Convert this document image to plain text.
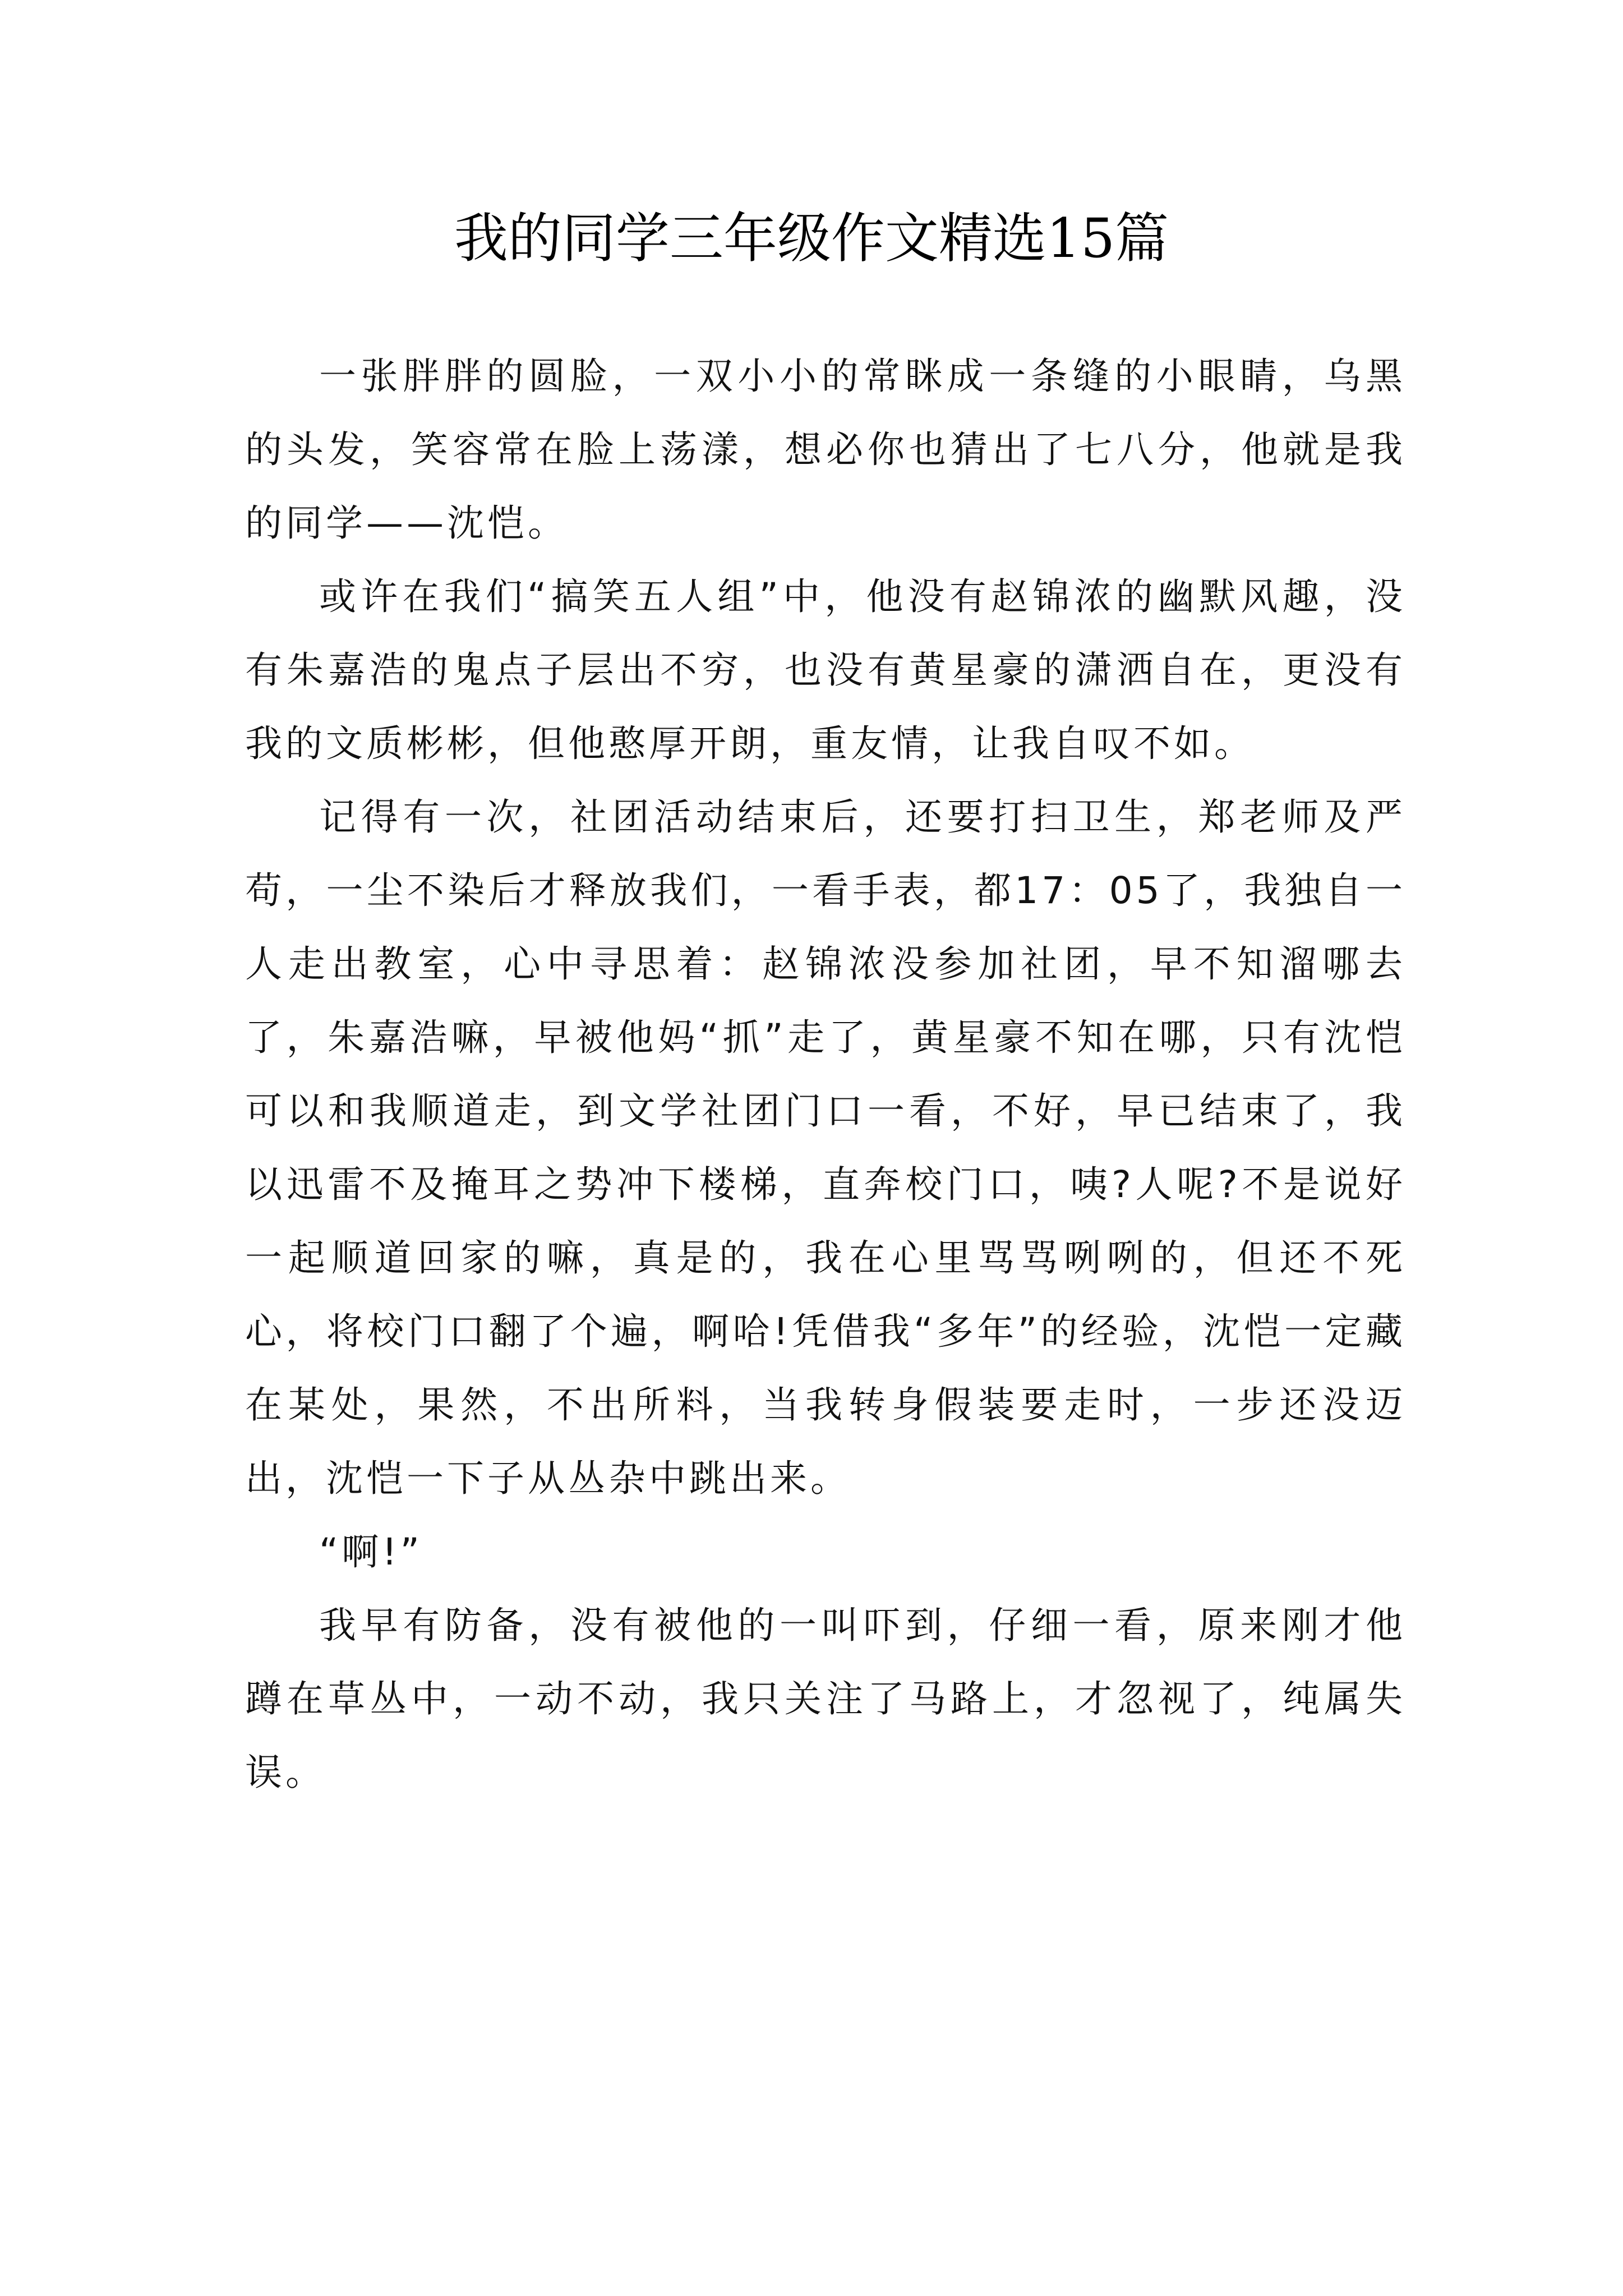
我的同学三年级作文精选15篇

一张胖胖的圆脸，一双小小的常眯成一条缝的小眼睛，乌黑的头发，笑容常在脸上荡漾，想必你也猜出了七八分，他就是我的同学——沈恺。

或许在我们“搞笑五人组”中，他没有赵锦浓的幽默风趣，没有朱嘉浩的鬼点子层出不穷，也没有黄星豪的潇洒自在，更没有我的文质彬彬，但他憨厚开朗，重友情，让我自叹不如。

记得有一次，社团活动结束后，还要打扫卫生，郑老师及严苟，一尘不染后才释放我们，一看手表，都17：05了，我独自一人走出教室，心中寻思着：赵锦浓没参加社团，早不知溜哪去了，朱嘉浩嘛，早被他妈“抓”走了，黄星豪不知在哪，只有沈恺可以和我顺道走，到文学社团门口一看，不好，早已结束了，我以迅雷不及掩耳之势冲下楼梯，直奔校门口，咦?人呢?不是说好一起顺道回家的嘛，真是的，我在心里骂骂咧咧的，但还不死心，将校门口翻了个遍，啊哈!凭借我“多年”的经验，沈恺一定藏在某处，果然，不出所料，当我转身假装要走时，一步还没迈出，沈恺一下子从丛杂中跳出来。

“啊!”

我早有防备，没有被他的一叫吓到，仔细一看，原来刚才他蹲在草丛中，一动不动，我只关注了马路上，才忽视了，纯属失误。
